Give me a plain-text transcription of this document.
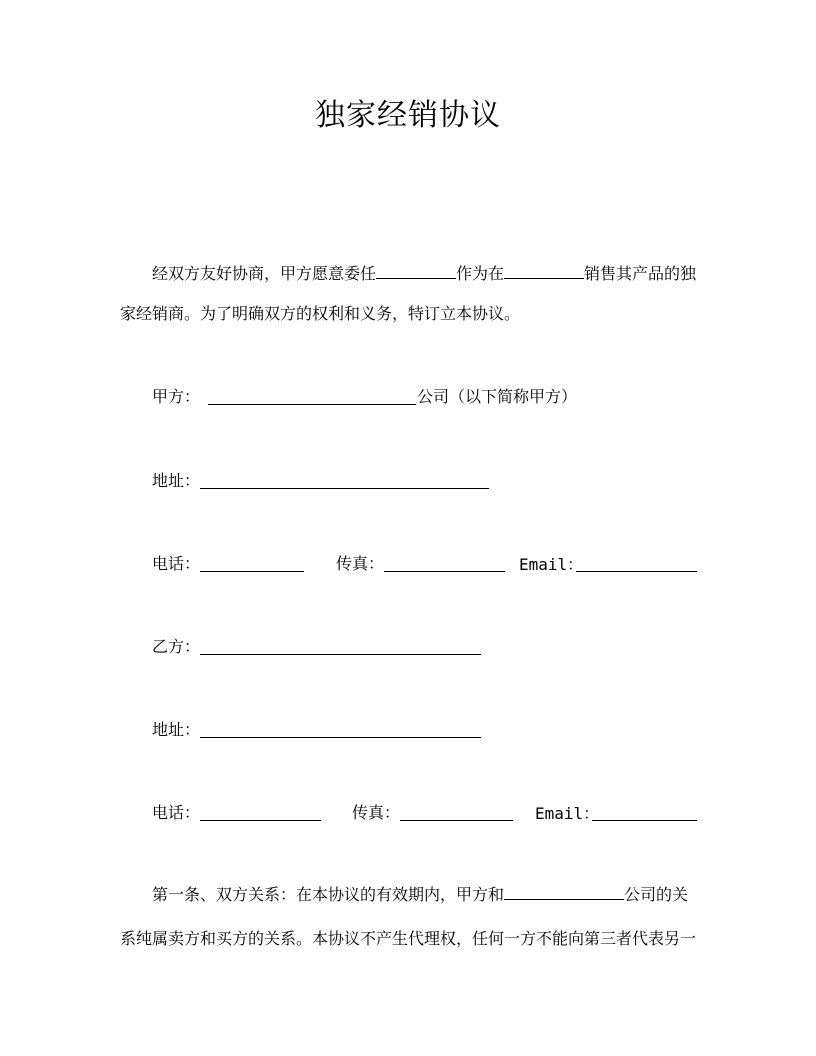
独家经销协议
经双方友好协商，甲方愿意委任	作为在	销售其产品的独
家经销商。为了明确双方的权利和义务，特订立本协议。
甲方：	公司（以下简称甲方）
地址：
电话：	传真：	Email：
乙方：
地址：
电话：	传真：	Email：
第一条、双方关系：在本协议的有效期内，甲方和	公司的关
系纯属卖方和买方的关系。本协议不产生代理权，任何一方不能向第三者代表另一
